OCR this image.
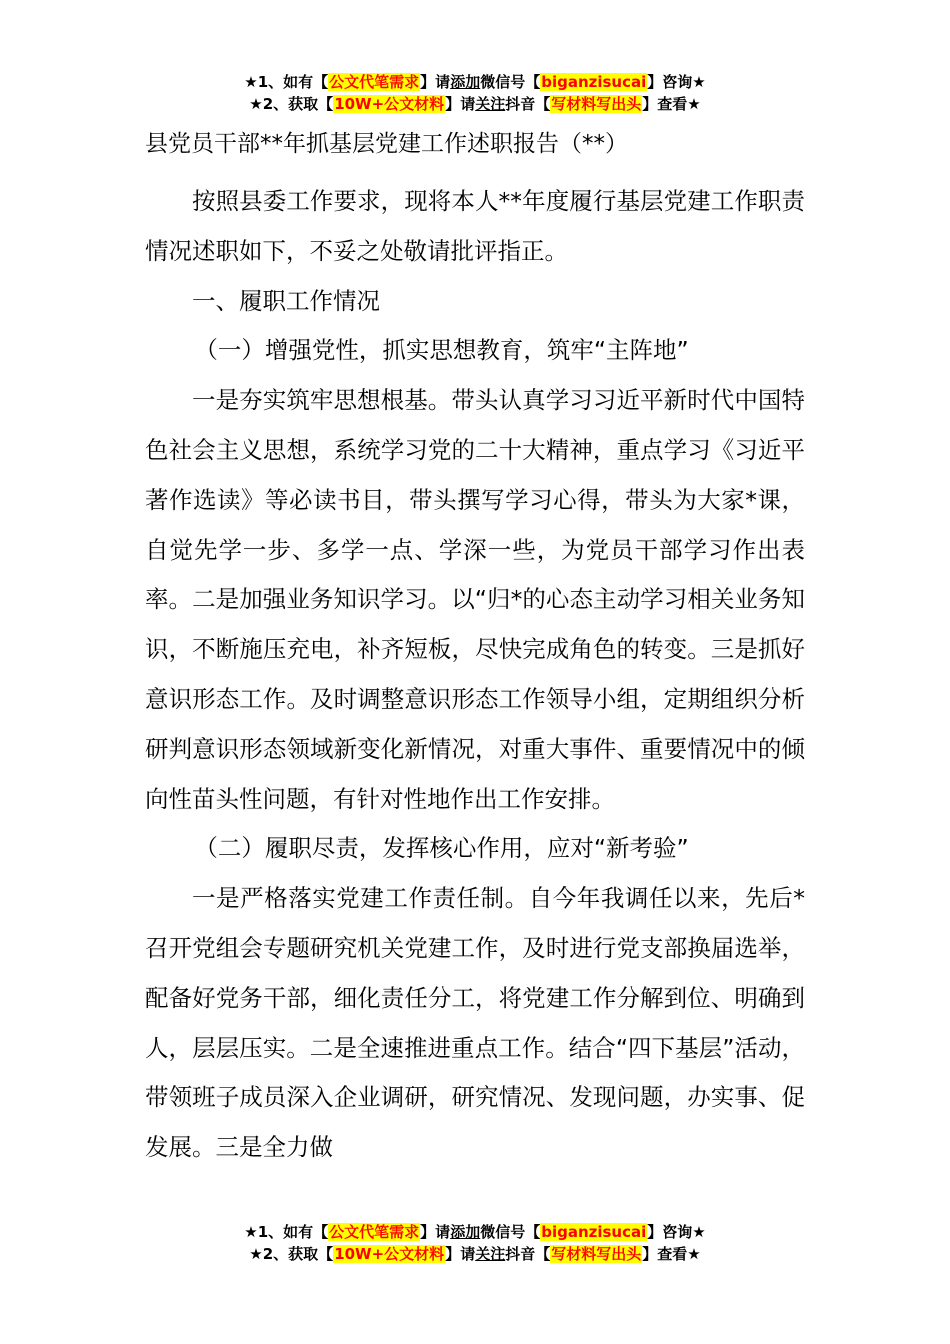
★1、如有【公文代笔需求】请添加微信号【biganzisucai】咨询★
★2、获取【10W+公文材料】请关注抖音【写材料写出头】查看★
县党员干部**年抓基层党建工作述职报告（**）

按照县委工作要求，现将本人**年度履行基层党建工作职责情况述职如下，不妥之处敬请批评指正。

一、履职工作情况

（一）增强党性，抓实思想教育，筑牢“主阵地”

一是夯实筑牢思想根基。带头认真学习习近平新时代中国特色社会主义思想，系统学习党的二十大精神，重点学习《习近平著作选读》等必读书目，带头撰写学习心得，带头为大家*课，自觉先学一步、多学一点、学深一些，为党员干部学习作出表率。二是加强业务知识学习。以“归*的心态主动学习相关业务知识，不断施压充电，补齐短板，尽快完成角色的转变。三是抓好意识形态工作。及时调整意识形态工作领导小组，定期组织分析研判意识形态领域新变化新情况，对重大事件、重要情况中的倾向性苗头性问题，有针对性地作出工作安排。

（二）履职尽责，发挥核心作用，应对“新考验”

一是严格落实党建工作责任制。自今年我调任以来，先后*召开党组会专题研究机关党建工作，及时进行党支部换届选举，配备好党务干部，细化责任分工，将党建工作分解到位、明确到人，层层压实。二是全速推进重点工作。结合“四下基层”活动，带领班子成员深入企业调研，研究情况、发现问题，办实事、促发展。三是全力做

★1、如有【公文代笔需求】请添加微信号【biganzisucai】咨询★
★2、获取【10W+公文材料】请关注抖音【写材料写出头】查看★
